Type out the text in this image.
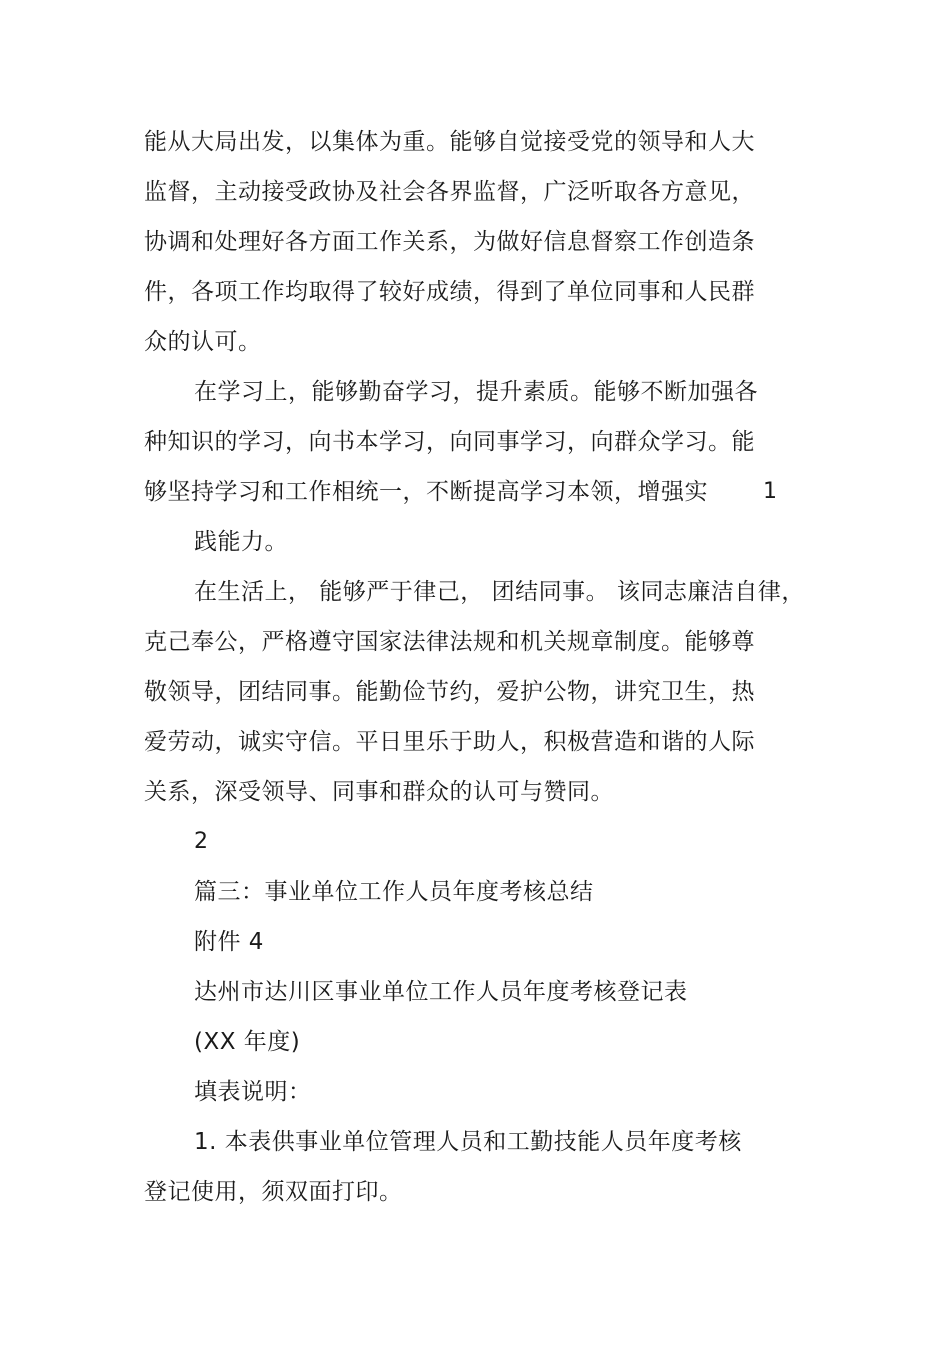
能从大局出发，以集体为重。能够自觉接受党的领导和人大
监督，主动接受政协及社会各界监督，广泛听取各方意见，
协调和处理好各方面工作关系，为做好信息督察工作创造条
件，各项工作均取得了较好成绩，得到了单位同事和人民群
众的认可。
在学习上，能够勤奋学习，提升素质。能够不断加强各
种知识的学习，向书本学习，向同事学习，向群众学习。能
够坚持学习和工作相统一，不断提高学习本领，增强实	1
践能力。
在生活上， 能够严于律己， 团结同事。 该同志廉洁自律，
克己奉公，严格遵守国家法律法规和机关规章制度。能够尊
敬领导，团结同事。能勤俭节约，爱护公物，讲究卫生，热
爱劳动，诚实守信。平日里乐于助人，积极营造和谐的人际
关系，深受领导、同事和群众的认可与赞同。
2
篇三：事业单位工作人员年度考核总结
附件 4
达州市达川区事业单位工作人员年度考核登记表
(XX 年度)
填表说明：
1. 本表供事业单位管理人员和工勤技能人员年度考核
登记使用，须双面打印。
